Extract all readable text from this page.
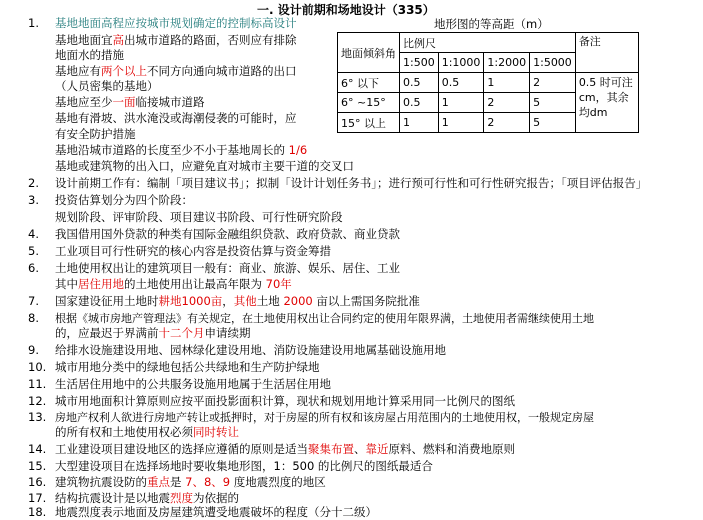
一. 设计前期和场地设计（335）
1. 基地地面高程应按城市规划确定的控制标高设计
基地地面宜高出城市道路的路面，否则应有排除
地面水的措施
基地应有两个以上不同方向通向城市道路的出口
（人员密集的基地）
基地应至少一面临接城市道路
基地有滑坡、洪水淹没或海潮侵袭的可能时，应
有安全防护措施
基地沿城市道路的长度至少不小于基地周长的 1/6
基地或建筑物的出入口，应避免直对城市主要干道的交叉口
地形图的等高距（m）
地面倾斜角	比例尺				备注
	1:500	1:1000	1:2000	1:5000	
6° 以下	0.5	0.5	1	2	0.5 时可注cm，其余均dm
6° ~15°	0.5	1	2	5	
15° 以上	1	1	2	5	
2. 设计前期工作有：编制「项目建议书」；拟制「设计计划任务书」；进行预可行性和可行性研究报告；「项目评估报告」
3. 投资估算划分为四个阶段：
规划阶段、评审阶段、项目建议书阶段、可行性研究阶段
4. 我国借用国外贷款的种类有国际金融组织贷款、政府贷款、商业贷款
5. 工业项目可行性研究的核心内容是投资估算与资金筹措
6. 土地使用权出让的建筑项目一般有：商业、旅游、娱乐、居住、工业
其中居住用地的土地使用出让最高年限为 70年
7. 国家建设征用土地时耕地1000亩，其他土地 2000 亩以上需国务院批准
8. 根据《城市房地产管理法》有关规定，在土地使用权出让合同约定的使用年限界满，土地使用者需继续使用土地
的，应最迟于界满前十二个月申请续期
9. 给排水设施建设用地、园林绿化建设用地、消防设施建设用地属基础设施用地
10. 城市用地分类中的绿地包括公共绿地和生产防护绿地
11. 生活居住用地中的公共服务设施用地属于生活居住用地
12. 城市用地面积计算原则应按平面投影面积计算，现状和规划用地计算采用同一比例尺的图纸
13. 房地产权利人欲进行房地产转让或抵押时，对于房屋的所有权和该房屋占用范围内的土地使用权，一般规定房屋
的所有权和土地使用权必须同时转让
14. 工业建设项目建设地区的选择应遵循的原则是适当聚集布置、靠近原料、燃料和消费地原则
15. 大型建设项目在选择场地时要收集地形图，1：500 的比例尺的图纸最适合
16. 建筑物抗震设防的重点是 7、8、9 度地震烈度的地区
17. 结构抗震设计是以地震烈度为依据的
18. 地震烈度表示地面及房屋建筑遭受地震破坏的程度（分十二级）
